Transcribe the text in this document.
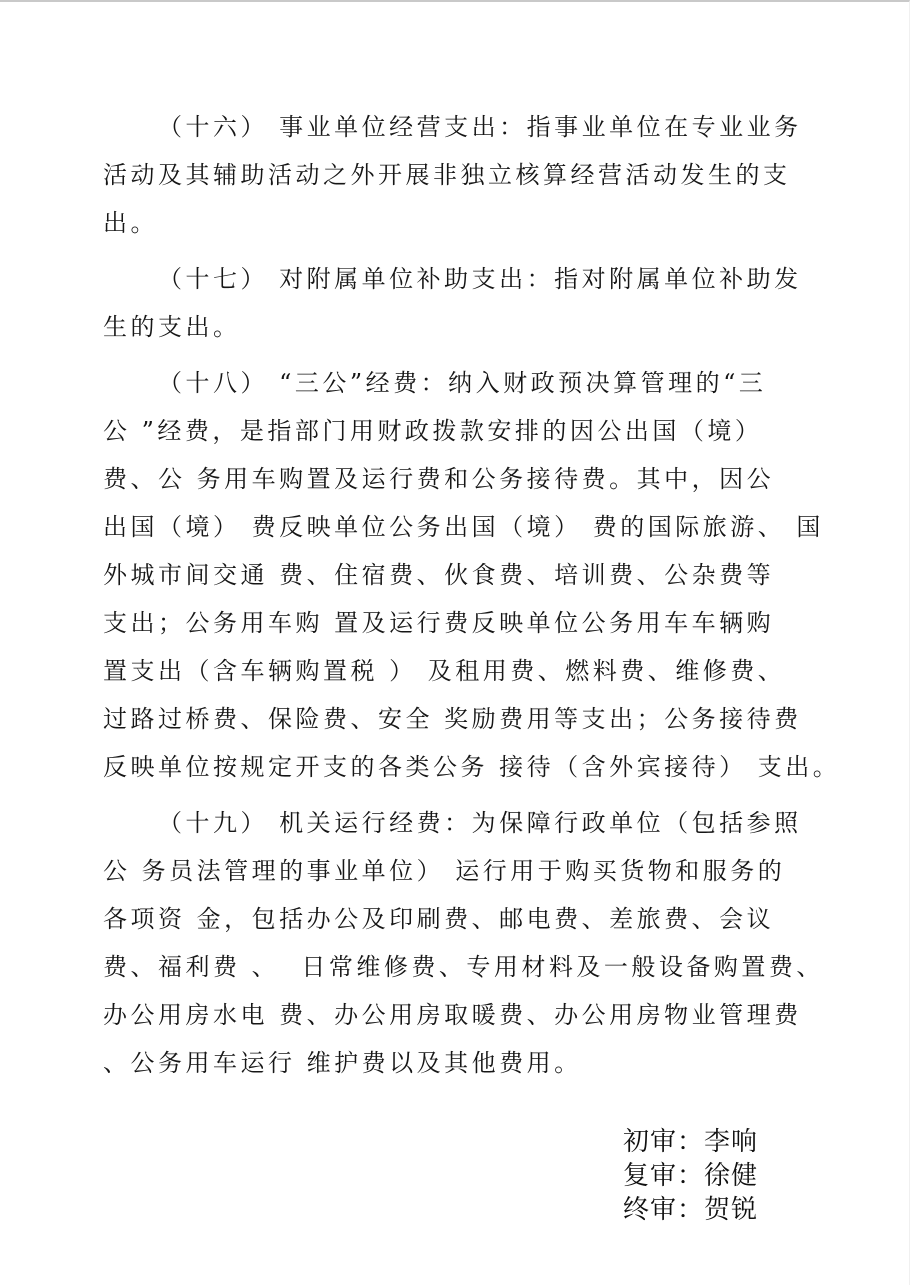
（十六） 事业单位经营支出：指事业单位在专业业务
活动及其辅助活动之外开展非独立核算经营活动发生的支
出。
（十七） 对附属单位补助支出：指对附属单位补助发
生的支出。
（十八） “三公”经费：纳入财政预决算管理的“三
公 ”经费，是指部门用财政拨款安排的因公出国（境）
费、公 务用车购置及运行费和公务接待费。其中，因公
出国（境） 费反映单位公务出国（境） 费的国际旅游、 国
外城市间交通 费、住宿费、伙食费、培训费、公杂费等
支出；公务用车购 置及运行费反映单位公务用车车辆购
置支出（含车辆购置税 ） 及租用费、燃料费、维修费、
过路过桥费、保险费、安全 奖励费用等支出；公务接待费
反映单位按规定开支的各类公务 接待（含外宾接待） 支出。
（十九） 机关运行经费：为保障行政单位（包括参照
公 务员法管理的事业单位） 运行用于购买货物和服务的
各项资 金，包括办公及印刷费、邮电费、差旅费、会议
费、福利费 、  日常维修费、专用材料及一般设备购置费、
办公用房水电 费、办公用房取暖费、办公用房物业管理费
、公务用车运行 维护费以及其他费用。
初审：李响
复审：徐健
终审：贺锐
